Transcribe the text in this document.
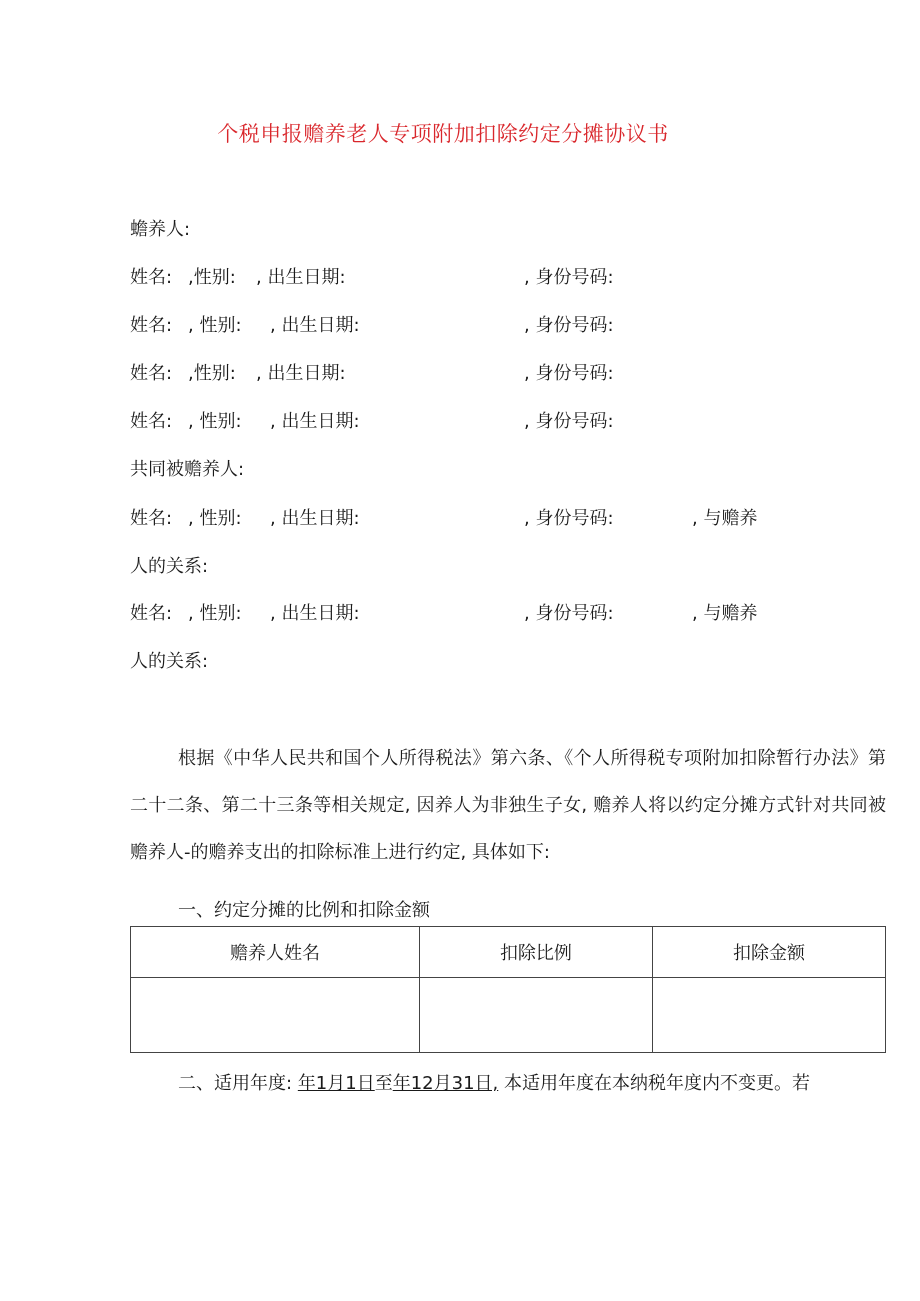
个税申报赡养老人专项附加扣除约定分摊协议书
蟾养人:
姓名: ,性别: , 出生日期:	, 身份号码:
姓名: , 性别: , 出生日期:	, 身份号码:
姓名: ,性别: , 出生日期:	, 身份号码:
姓名: , 性别: , 出生日期:	, 身份号码:
共同被赡养人:
姓名: , 性别: , 出生日期:	, 身份号码:	, 与赡养
人的关系:
姓名: , 性别: , 出生日期:	, 身份号码:	, 与赡养
人的关系:
根据《中华人民共和国个人所得税法》第六条、《个人所得税专项附加扣除暂行办法》第二十二条、第二十三条等相关规定, 因养人为非独生子女, 赡养人将以约定分摊方式针对共同被赡养人-的赡养支出的扣除标准上进行约定, 具体如下:
一、约定分摊的比例和扣除金额
赡养人姓名	扣除比例	扣除金额

二、适用年度: 年1月1日至年12月31日, 本适用年度在本纳税年度内不变更。若
